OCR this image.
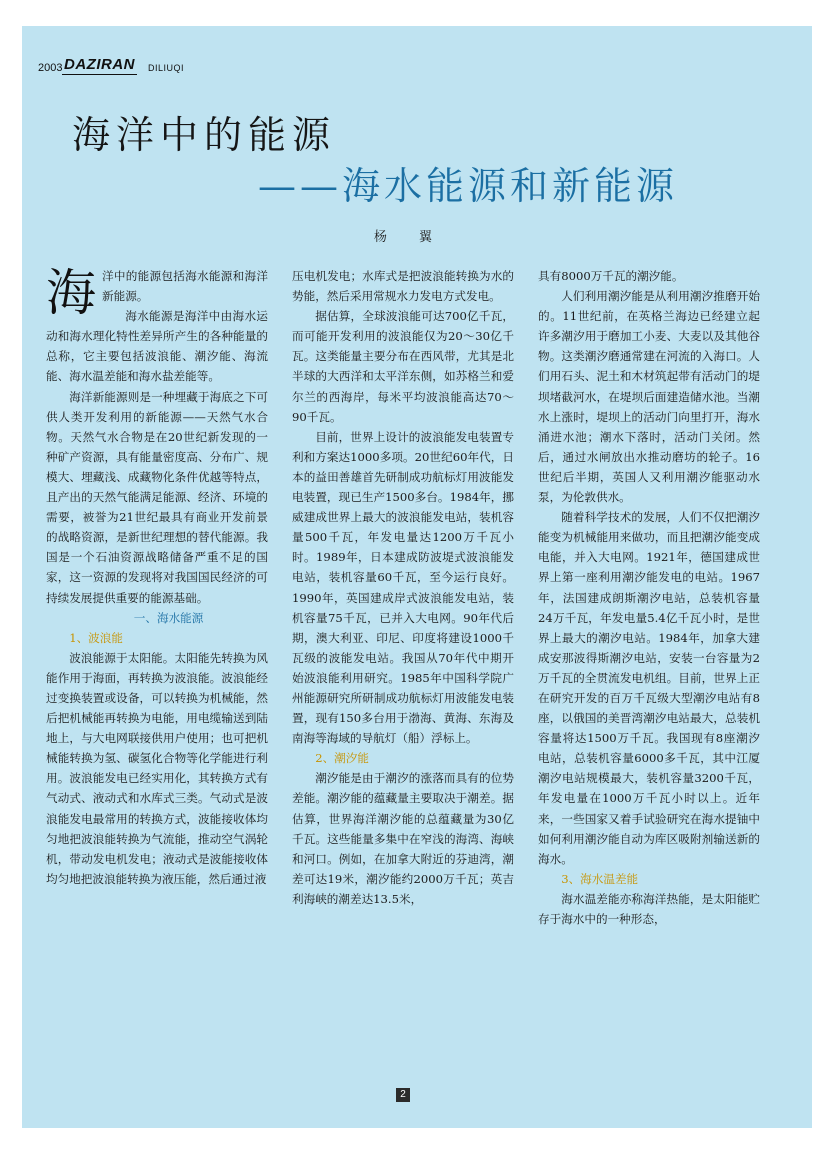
2003 DAZIRAN DILIUQI
海洋中的能源
——海水能源和新能源
杨 翼

海洋中的能源包括海水能源和海洋新能源。

海水能源是海洋中由海水运动和海水理化特性差异所产生的各种能量的总称，它主要包括波浪能、潮汐能、海流能、海水温差能和海水盐差能等。

海洋新能源则是一种埋藏于海底之下可供人类开发利用的新能源——天然气水合物。天然气水合物是在20世纪新发现的一种矿产资源，具有能量密度高、分布广、规模大、埋藏浅、成藏物化条件优越等特点，且产出的天然气能满足能源、经济、环境的需要，被誉为21世纪最具有商业开发前景的战略资源，是新世纪理想的替代能源。我国是一个石油资源战略储备严重不足的国家，这一资源的发现将对我国国民经济的可持续发展提供重要的能源基础。

一、海水能源

1、波浪能

波浪能源于太阳能。太阳能先转换为风能作用于海面，再转换为波浪能。波浪能经过变换装置或设备，可以转换为机械能，然后把机械能再转换为电能，用电缆输送到陆地上，与大电网联接供用户使用；也可把机械能转换为氢、碳氢化合物等化学能进行利用。波浪能发电已经实用化，其转换方式有气动式、液动式和水库式三类。气动式是波浪能发电最常用的转换方式，波能接收体均匀地把波浪能转换为气流能，推动空气涡轮机，带动发电机发电；液动式是波能接收体均匀地把波浪能转换为液压能，然后通过液

压电机发电；水库式是把波浪能转换为水的势能，然后采用常规水力发电方式发电。

据估算，全球波浪能可达700亿千瓦，而可能开发利用的波浪能仅为20～30亿千瓦。这类能量主要分布在西风带，尤其是北半球的大西洋和太平洋东侧，如苏格兰和爱尔兰的西海岸，每米平均波浪能高达70～90千瓦。

目前，世界上设计的波浪能发电装置专利和方案达1000多项。20世纪60年代，日本的益田善雄首先研制成功航标灯用波能发电装置，现已生产1500多台。1984年，挪威建成世界上最大的波浪能发电站，装机容量500千瓦，年发电量达1200万千瓦小时。1989年，日本建成防波堤式波浪能发电站，装机容量60千瓦，至今运行良好。1990年，英国建成岸式波浪能发电站，装机容量75千瓦，已并入大电网。90年代后期，澳大利亚、印尼、印度将建设1000千瓦级的波能发电站。我国从70年代中期开始波浪能利用研究。1985年中国科学院广州能源研究所研制成功航标灯用波能发电装置，现有150多台用于渤海、黄海、东海及南海等海域的导航灯（船）浮标上。

2、潮汐能

潮汐能是由于潮汐的涨落而具有的位势差能。潮汐能的蕴藏量主要取决于潮差。据估算，世界海洋潮汐能的总蕴藏量为30亿千瓦。这些能量多集中在窄浅的海湾、海峡和河口。例如，在加拿大附近的芬迪湾，潮差可达19米，潮汐能约2000万千瓦；英吉利海峡的潮差达13.5米，

具有8000万千瓦的潮汐能。

人们利用潮汐能是从利用潮汐推磨开始的。11世纪前，在英格兰海边已经建立起许多潮汐用于磨加工小麦、大麦以及其他谷物。这类潮汐磨通常建在河流的入海口。人们用石头、泥土和木材筑起带有活动门的堤坝堵截河水，在堤坝后面建造储水池。当潮水上涨时，堤坝上的活动门向里打开，海水涌进水池；潮水下落时，活动门关闭。然后，通过水闸放出水推动磨坊的轮子。16世纪后半期，英国人又利用潮汐能驱动水泵，为伦敦供水。

随着科学技术的发展，人们不仅把潮汐能变为机械能用来做功，而且把潮汐能变成电能，并入大电网。1921年，德国建成世界上第一座利用潮汐能发电的电站。1967年，法国建成朗斯潮汐电站，总装机容量24万千瓦，年发电量5.4亿千瓦小时，是世界上最大的潮汐电站。1984年，加拿大建成安那波得斯潮汐电站，安装一台容量为2万千瓦的全贯流发电机组。目前，世界上正在研究开发的百万千瓦级大型潮汐电站有8座，以俄国的美晋湾潮汐电站最大，总装机容量将达1500万千瓦。我国现有8座潮汐电站，总装机容量6000多千瓦，其中江厦潮汐电站规模最大，装机容量3200千瓦，年发电量在1000万千瓦小时以上。近年来，一些国家又着手试验研究在海水提铀中如何利用潮汐能自动为库区吸附剂输送新的海水。

3、海水温差能

海水温差能亦称海洋热能，是太阳能贮存于海水中的一种形态，

2
